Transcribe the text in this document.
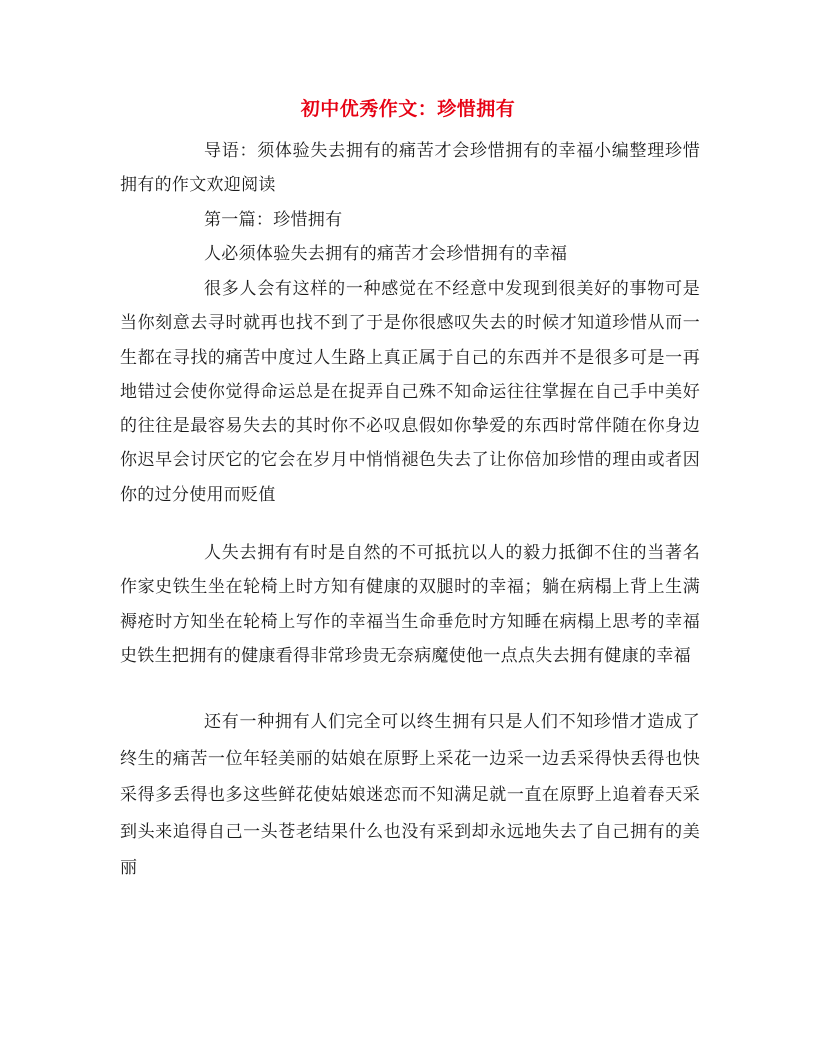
初中优秀作文：珍惜拥有

导语：须体验失去拥有的痛苦才会珍惜拥有的幸福小编整理珍惜拥有的作文欢迎阅读

第一篇：珍惜拥有

人必须体验失去拥有的痛苦才会珍惜拥有的幸福

很多人会有这样的一种感觉在不经意中发现到很美好的事物可是当你刻意去寻时就再也找不到了于是你很感叹失去的时候才知道珍惜从而一生都在寻找的痛苦中度过人生路上真正属于自己的东西并不是很多可是一再地错过会使你觉得命运总是在捉弄自己殊不知命运往往掌握在自己手中美好的往往是最容易失去的其时你不必叹息假如你挚爱的东西时常伴随在你身边你迟早会讨厌它的它会在岁月中悄悄褪色失去了让你倍加珍惜的理由或者因你的过分使用而贬值

人失去拥有有时是自然的不可抵抗以人的毅力抵御不住的当著名作家史铁生坐在轮椅上时方知有健康的双腿时的幸福；躺在病榻上背上生满褥疮时方知坐在轮椅上写作的幸福当生命垂危时方知睡在病榻上思考的幸福史铁生把拥有的健康看得非常珍贵无奈病魔使他一点点失去拥有健康的幸福

还有一种拥有人们完全可以终生拥有只是人们不知珍惜才造成了终生的痛苦一位年轻美丽的姑娘在原野上采花一边采一边丢采得快丢得也快采得多丢得也多这些鲜花使姑娘迷恋而不知满足就一直在原野上追着春天采到头来追得自己一头苍老结果什么也没有采到却永远地失去了自己拥有的美丽
